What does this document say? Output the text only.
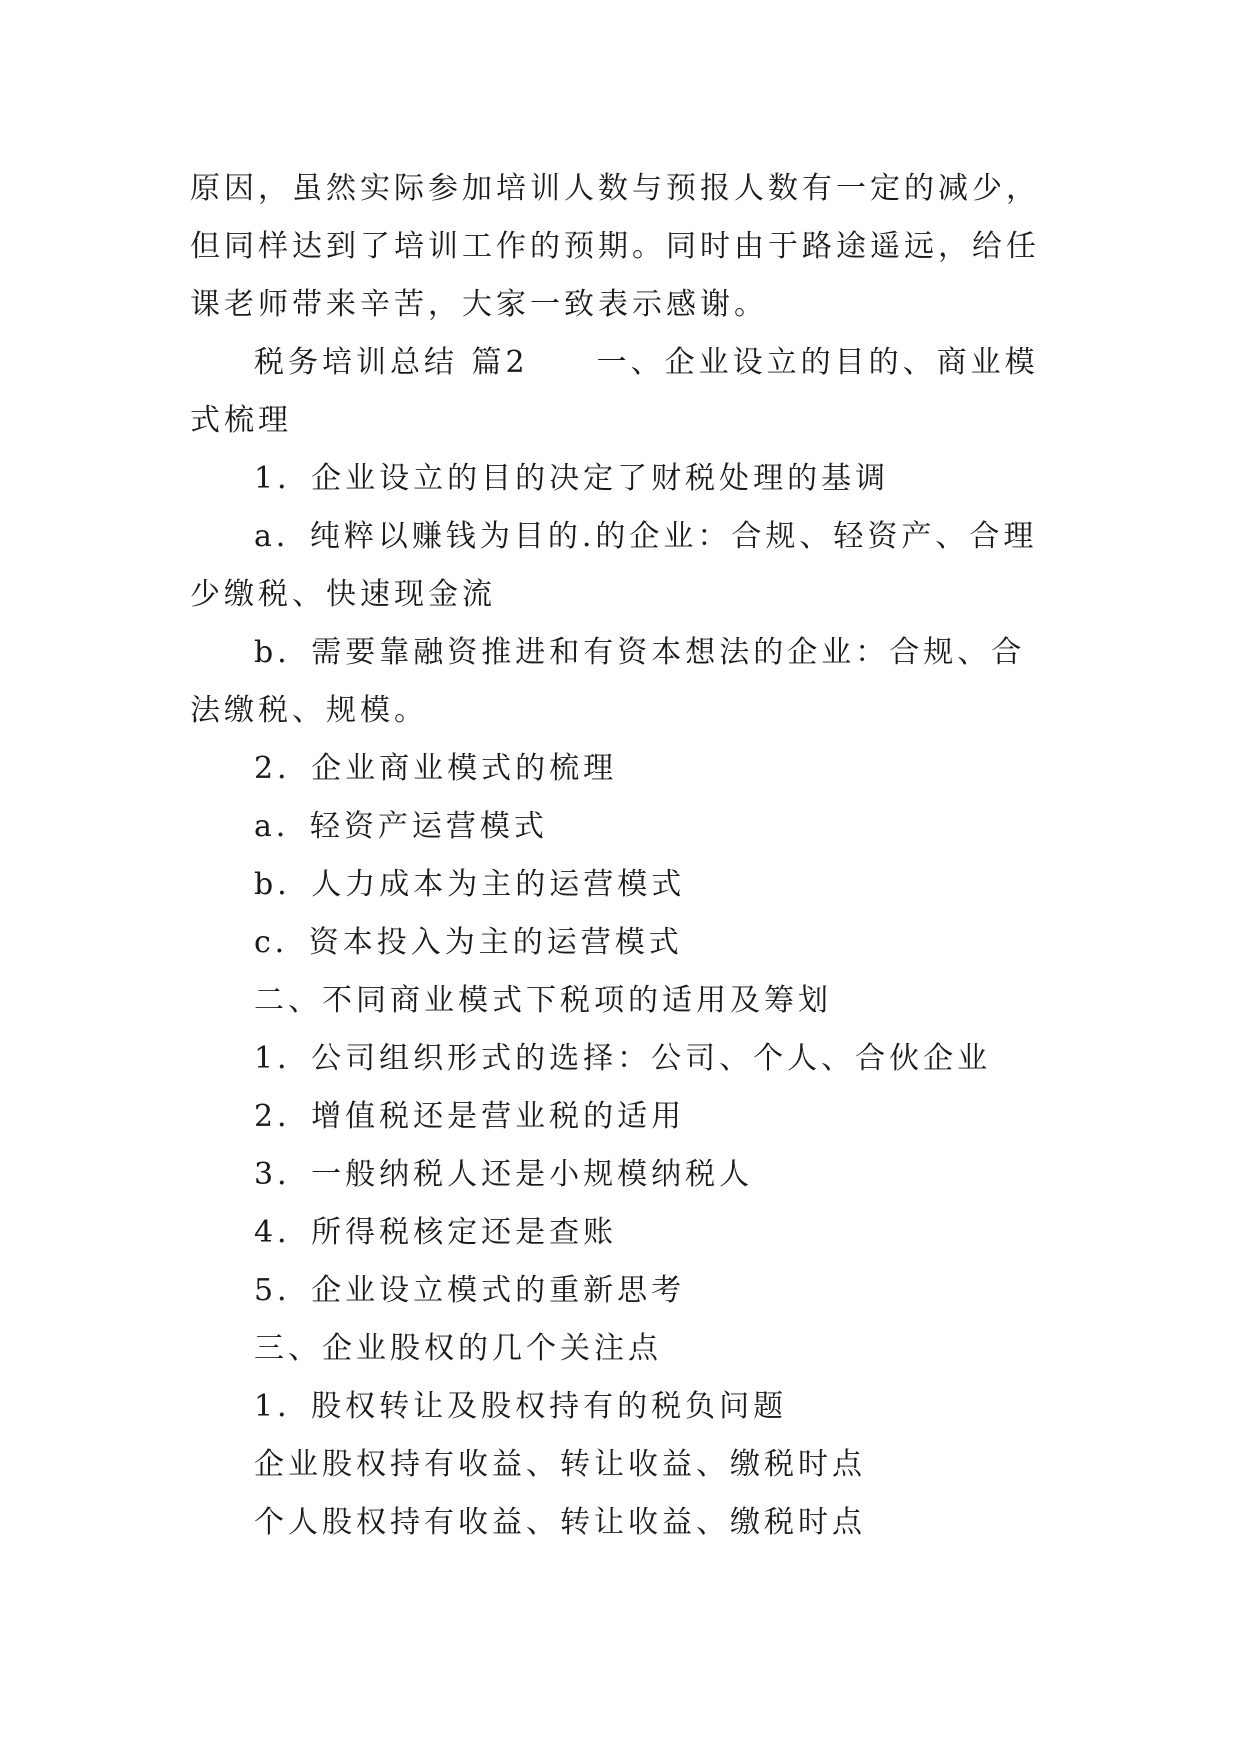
原因，虽然实际参加培训人数与预报人数有一定的减少，但同样达到了培训工作的预期。同时由于路途遥远，给任课老师带来辛苦，大家一致表示感谢。

税务培训总结 篇2　　一、企业设立的目的、商业模式梳理

1．企业设立的目的决定了财税处理的基调

a．纯粹以赚钱为目的.的企业：合规、轻资产、合理少缴税、快速现金流

b．需要靠融资推进和有资本想法的企业：合规、合法缴税、规模。

2．企业商业模式的梳理

a．轻资产运营模式

b．人力成本为主的运营模式

c．资本投入为主的运营模式

二、不同商业模式下税项的适用及筹划

1．公司组织形式的选择：公司、个人、合伙企业

2．增值税还是营业税的适用

3．一般纳税人还是小规模纳税人

4．所得税核定还是查账

5．企业设立模式的重新思考

三、企业股权的几个关注点

1．股权转让及股权持有的税负问题

企业股权持有收益、转让收益、缴税时点

个人股权持有收益、转让收益、缴税时点
